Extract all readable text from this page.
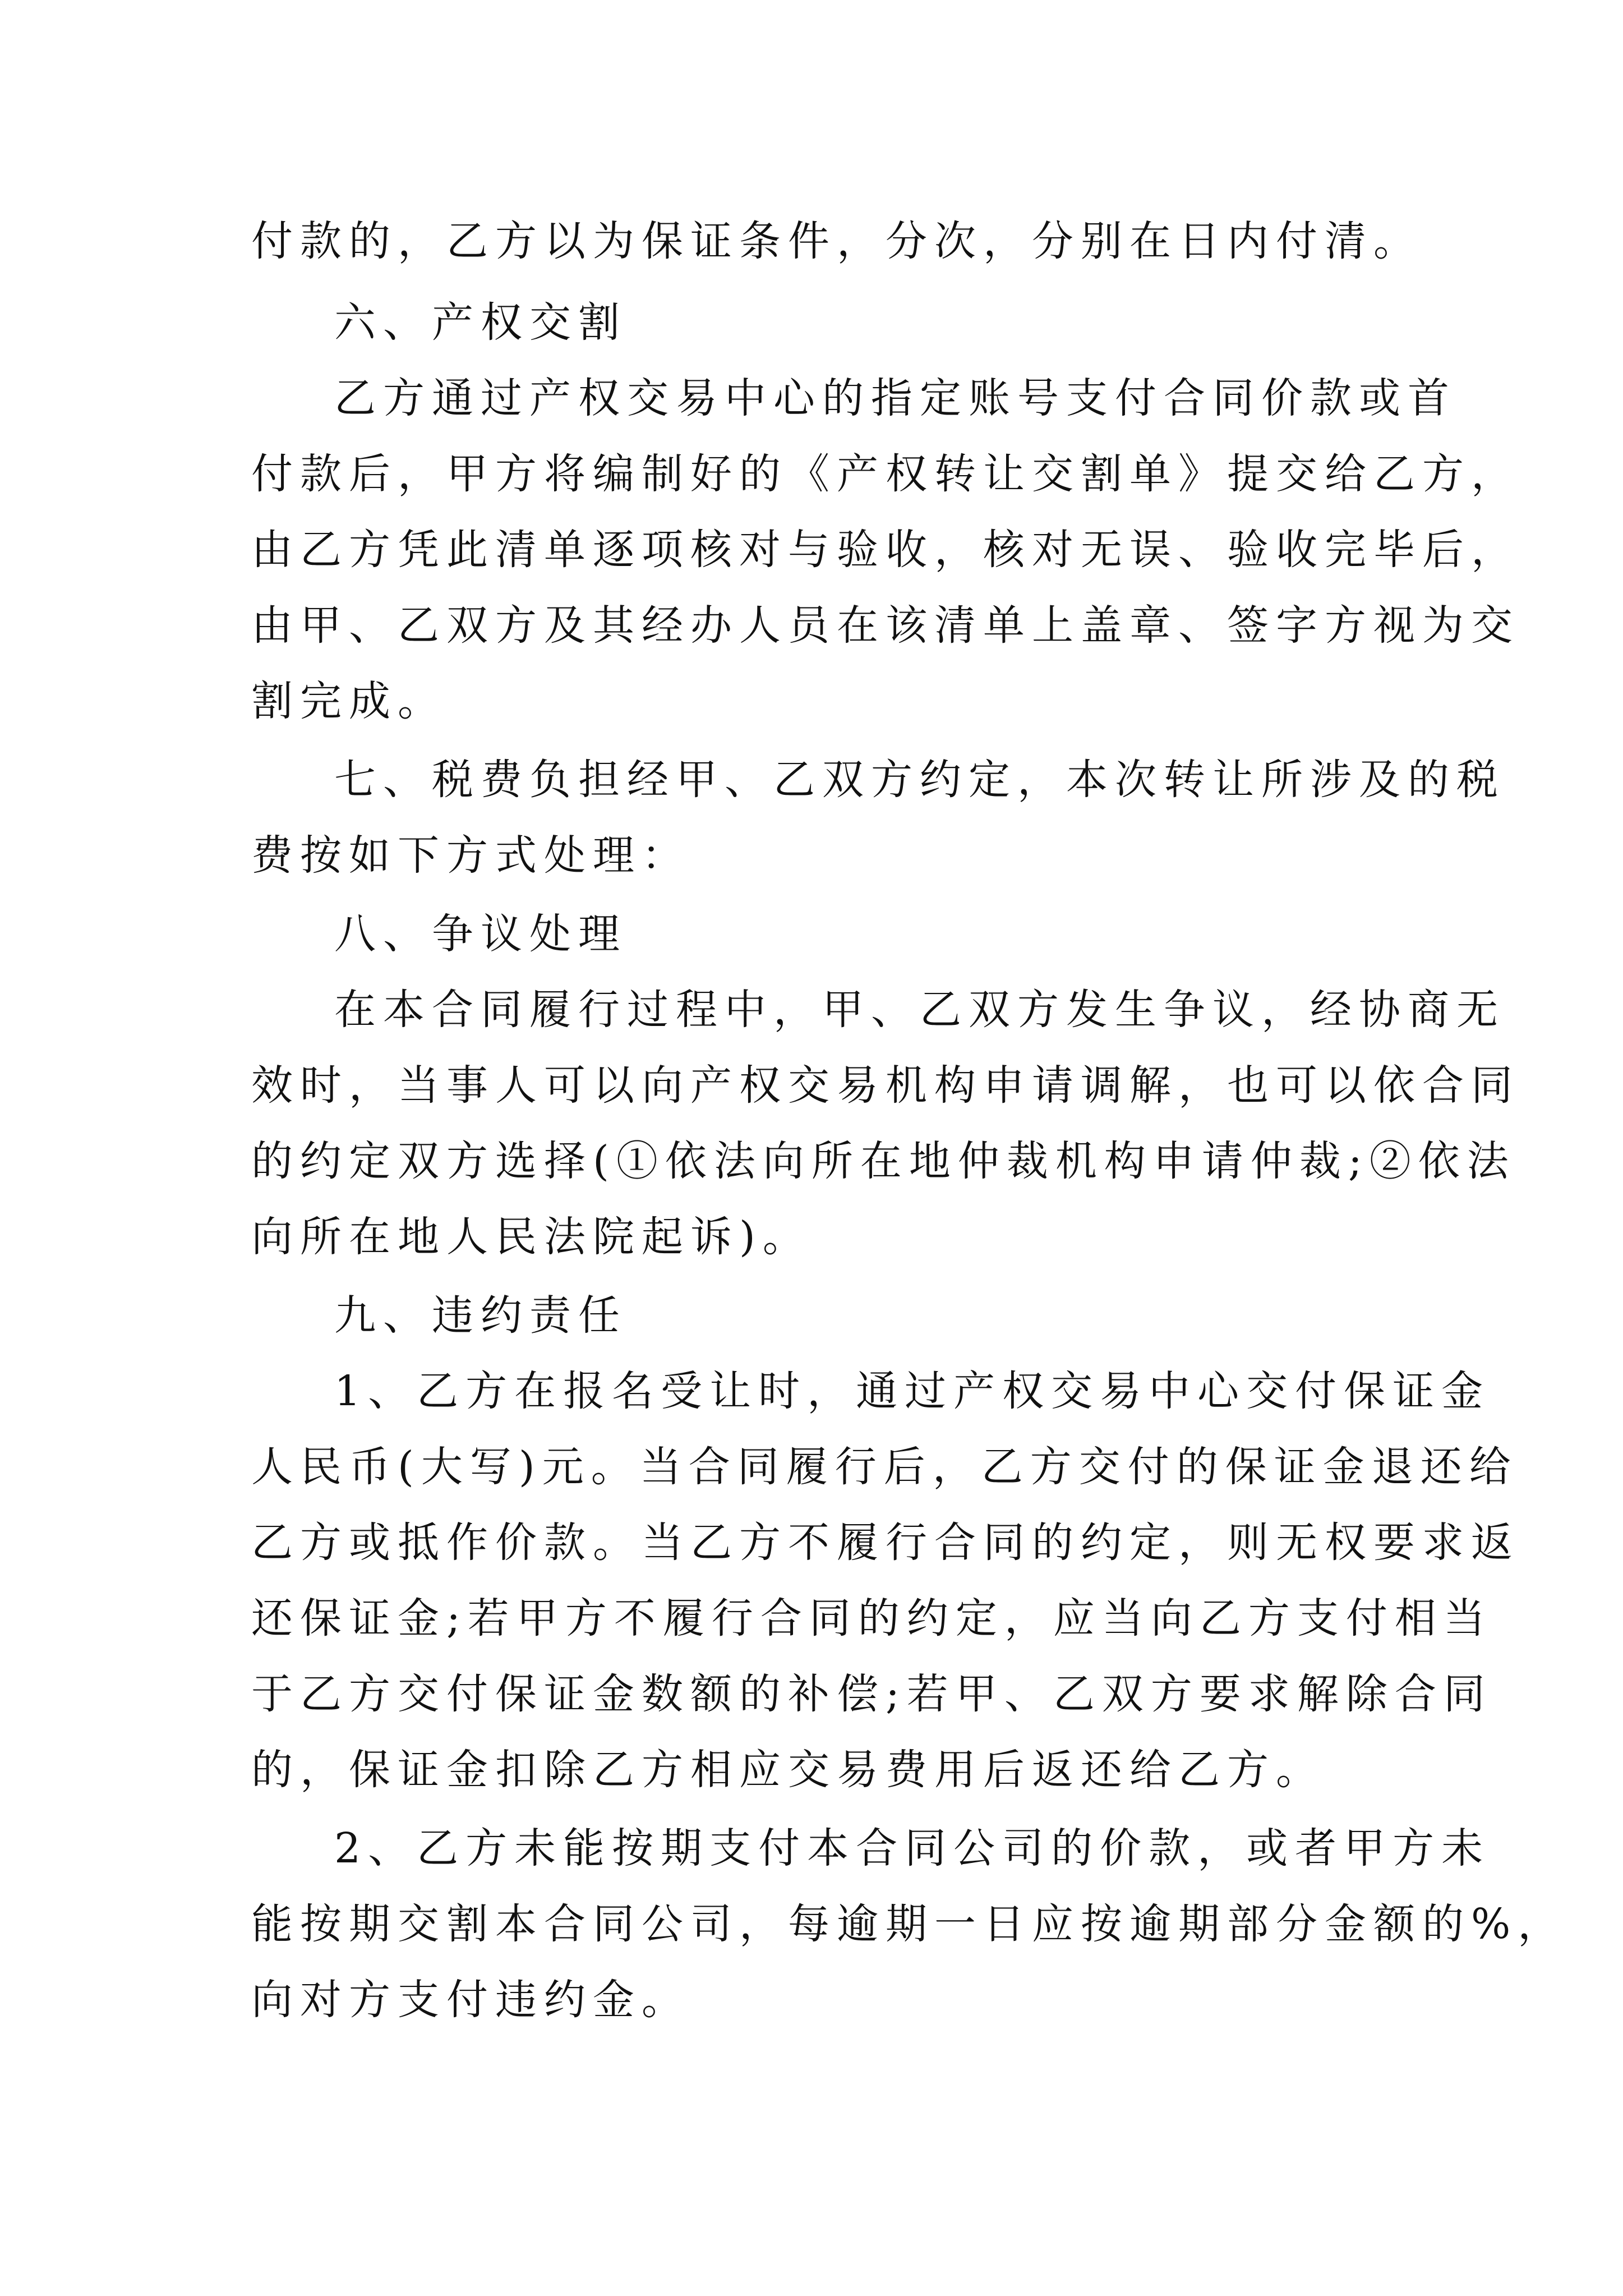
付款的，乙方以为保证条件，分次，分别在日内付清。
六、产权交割
乙方通过产权交易中心的指定账号支付合同价款或首
付款后，甲方将编制好的《产权转让交割单》提交给乙方，
由乙方凭此清单逐项核对与验收，核对无误、验收完毕后，
由甲、乙双方及其经办人员在该清单上盖章、签字方视为交
割完成。
七、税费负担经甲、乙双方约定，本次转让所涉及的税
费按如下方式处理：
八、争议处理
在本合同履行过程中，甲、乙双方发生争议，经协商无
效时，当事人可以向产权交易机构申请调解，也可以依合同
的约定双方选择(①依法向所在地仲裁机构申请仲裁;②依法
向所在地人民法院起诉)。
九、违约责任
1、乙方在报名受让时，通过产权交易中心交付保证金
人民币(大写)元。当合同履行后，乙方交付的保证金退还给
乙方或抵作价款。当乙方不履行合同的约定，则无权要求返
还保证金;若甲方不履行合同的约定，应当向乙方支付相当
于乙方交付保证金数额的补偿;若甲、乙双方要求解除合同
的，保证金扣除乙方相应交易费用后返还给乙方。
2、乙方未能按期支付本合同公司的价款，或者甲方未
能按期交割本合同公司，每逾期一日应按逾期部分金额的%，
向对方支付违约金。
